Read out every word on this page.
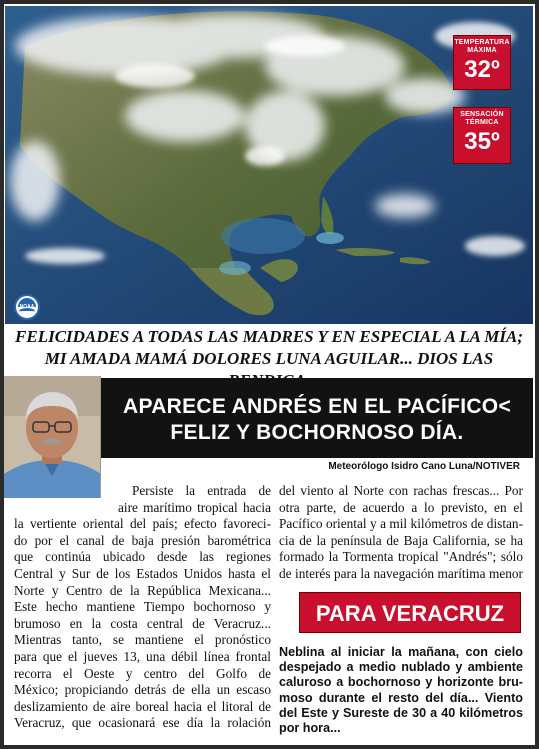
TEMPERATURA
MÁXIMA
32º
SENSACIÓN
TÉRMICA
35º
NOAA
FELICIDADES A TODAS LAS MADRES Y EN ESPECIAL A LA MÍA;
MI AMADA MAMÁ DOLORES LUNA AGUILAR... DIOS LAS
APARECE ANDRÉS EN EL PACÍFICO<
FELIZ Y BOCHORNOSO DÍA.
Meteorólogo Isidro Cano Luna/NOTIVER
Persiste la entrada de
aire marítimo tropical hacia
la vertiente oriental del país; efecto favoreci-
do por el canal de baja presión barométrica
que continúa ubicado desde las regiones
Central y Sur de los Estados Unidos hasta el
Norte y Centro de la República Mexicana...
Este hecho mantiene Tiempo bochornoso y
brumoso en la costa central de Veracruz...
Mientras tanto, se mantiene el pronóstico
para que el jueves 13, una débil línea frontal
recorra el Oeste y centro del Golfo de
México; propiciando detrás de ella un escaso
deslizamiento de aire boreal hacia el litoral de
Veracruz, que ocasionará ese día la rolación
del viento al Norte con rachas frescas... Por
otra parte, de acuerdo a lo previsto, en el
Pacífico oriental y a mil kilómetros de distan-
cia de la península de Baja California, se ha
formado la Tormenta tropical "Andrés"; sólo
de interés para la navegación marítima menor
PARA VERACRUZ
Neblina al iniciar la mañana, con cielo
despejado a medio nublado y ambiente
caluroso a bochornoso y horizonte bru-
moso durante el resto del día... Viento
del Este y Sureste de 30 a 40 kilómetros
por hora...
